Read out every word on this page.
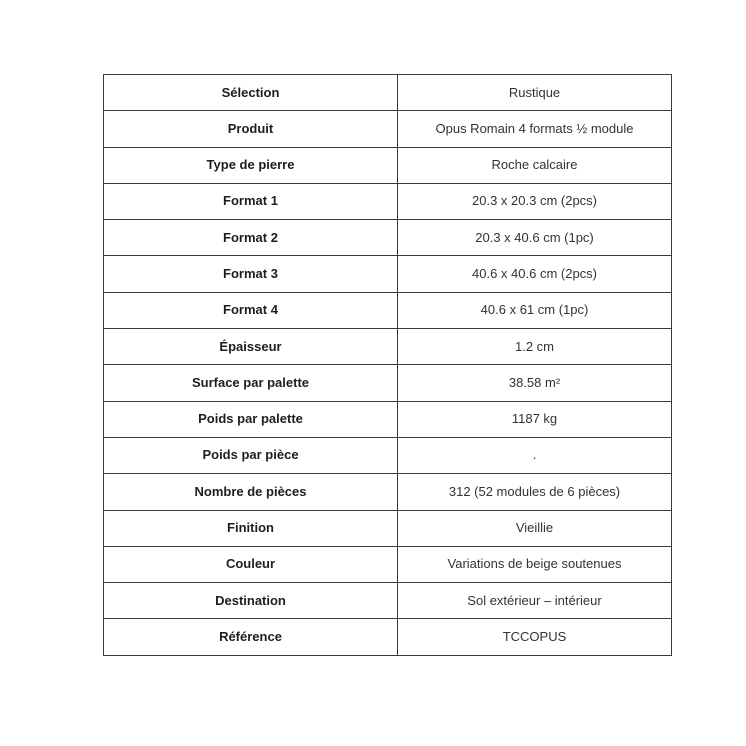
Sélection	Rustique
Produit	Opus Romain 4 formats ½ module
Type de pierre	Roche calcaire
Format 1	20.3 x 20.3 cm (2pcs)
Format 2	20.3 x 40.6 cm (1pc)
Format 3	40.6 x 40.6 cm (2pcs)
Format 4	40.6 x 61 cm (1pc)
Épaisseur	1.2 cm
Surface par palette	38.58 m²
Poids par palette	1187 kg
Poids par pièce	.
Nombre de pièces	312 (52 modules de 6 pièces)
Finition	Vieillie
Couleur	Variations de beige soutenues
Destination	Sol extérieur – intérieur
Référence	TCCOPUS
